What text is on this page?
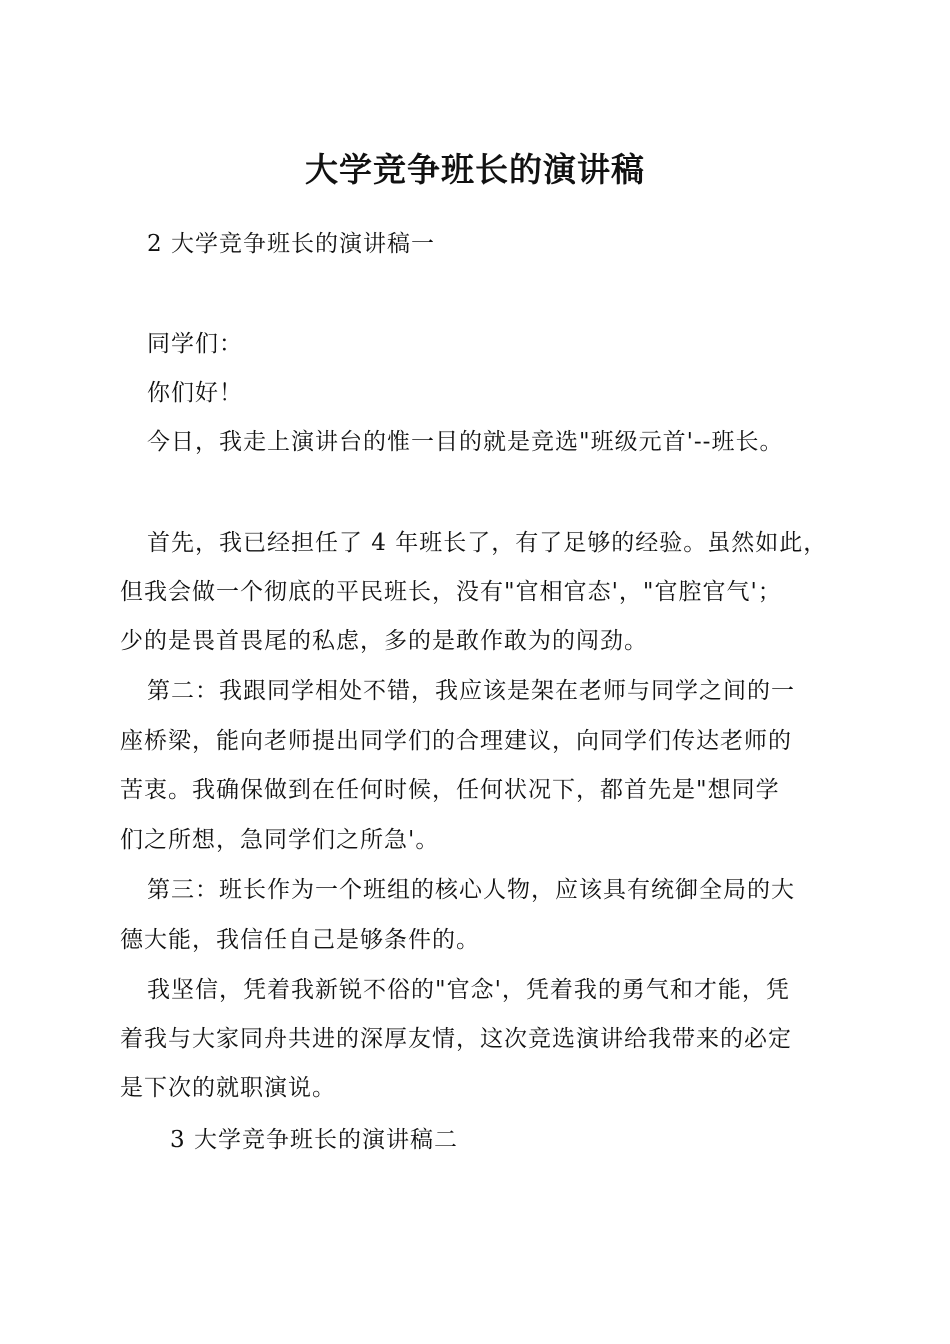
大学竞争班长的演讲稿
2 大学竞争班长的演讲稿一
同学们：
你们好！
今日，我走上演讲台的惟一目的就是竞选"班级元首'--班长。
首先，我已经担任了 4 年班长了，有了足够的经验。虽然如此，
但我会做一个彻底的平民班长，没有"官相官态'，"官腔官气'；
少的是畏首畏尾的私虑，多的是敢作敢为的闯劲。
第二：我跟同学相处不错，我应该是架在老师与同学之间的一
座桥梁，能向老师提出同学们的合理建议，向同学们传达老师的
苦衷。我确保做到在任何时候，任何状况下，都首先是"想同学
们之所想，急同学们之所急'。
第三：班长作为一个班组的核心人物，应该具有统御全局的大
德大能，我信任自己是够条件的。
我坚信，凭着我新锐不俗的"官念'，凭着我的勇气和才能，凭
着我与大家同舟共进的深厚友情，这次竞选演讲给我带来的必定
是下次的就职演说。
3 大学竞争班长的演讲稿二
